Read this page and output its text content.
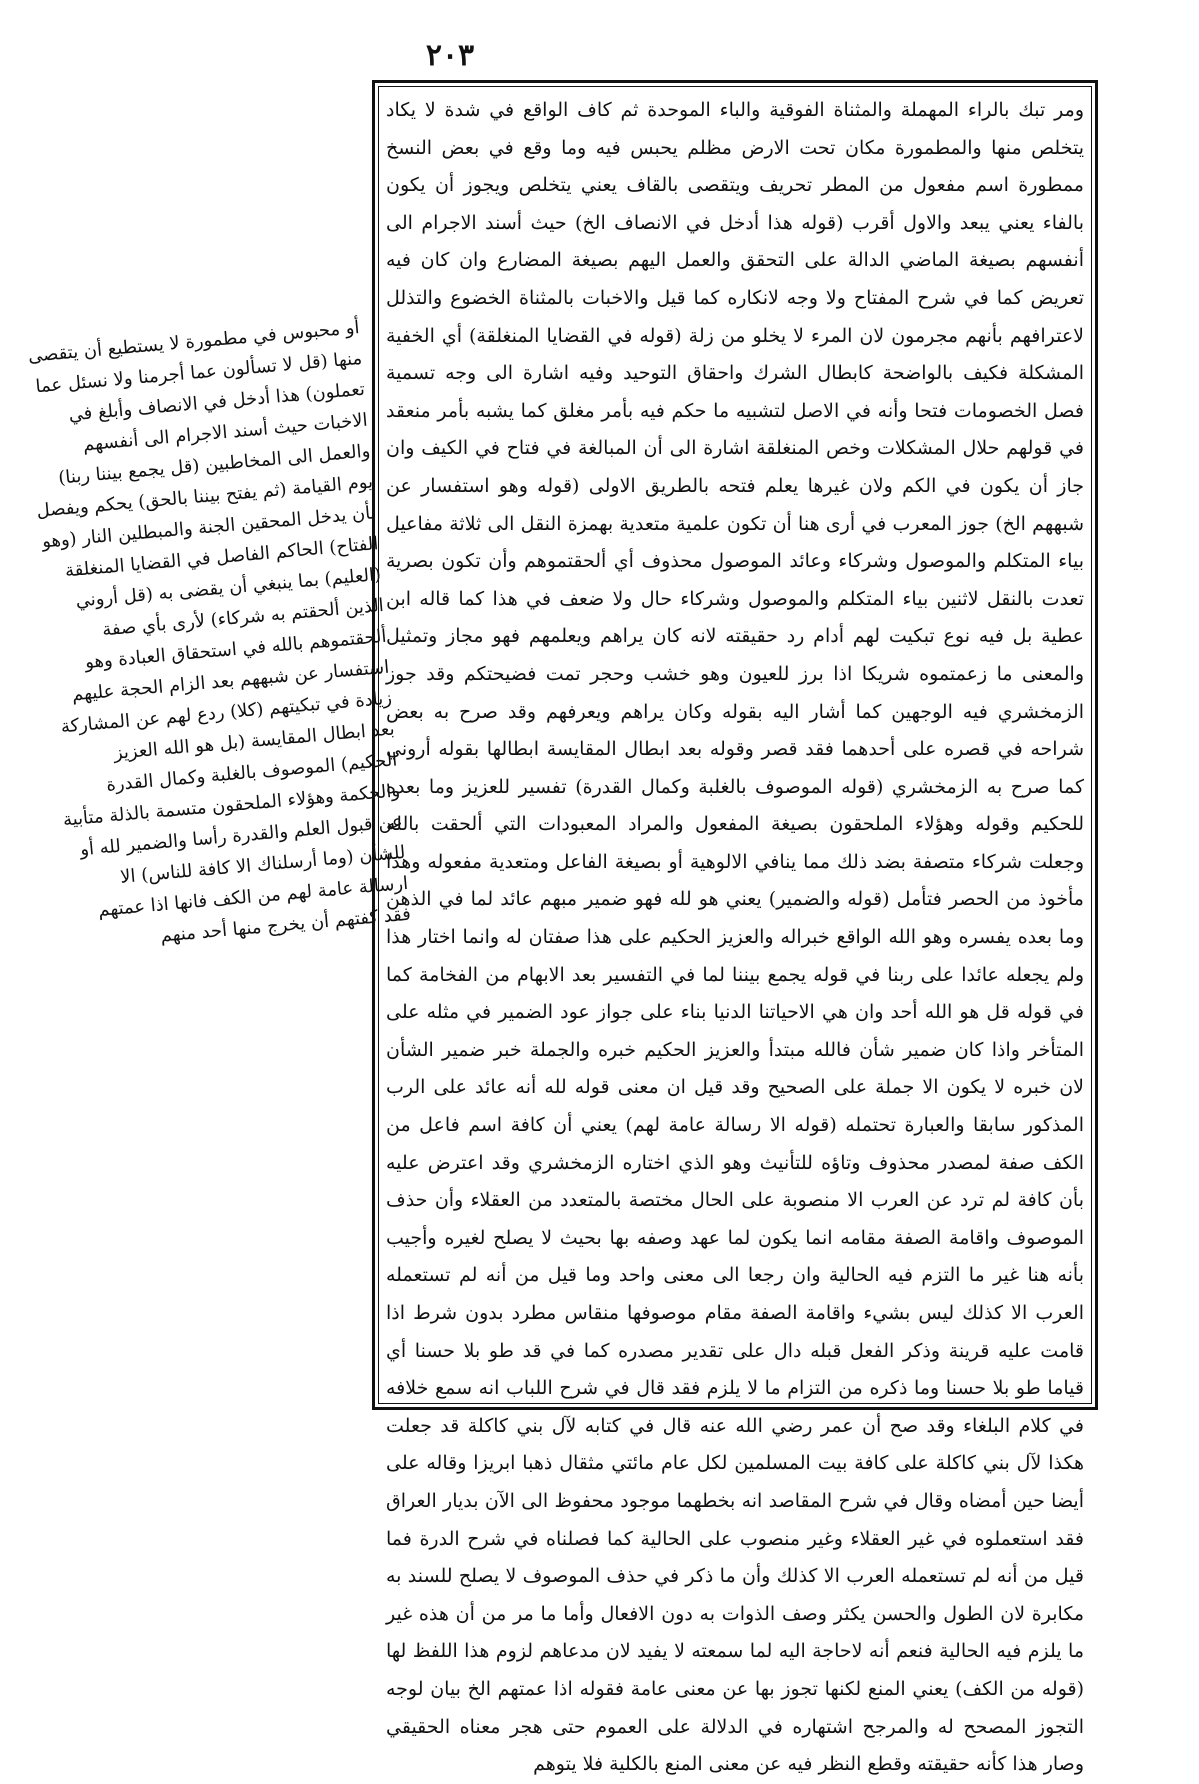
٢٠٣

ومر تبك بالراء المهملة والمثناة الفوقية والباء الموحدة ثم كاف الواقع في شدة لا يكاد يتخلص منها والمطمورة مكان تحت الارض مظلم يحبس فيه وما وقع في بعض النسخ ممطورة اسم مفعول من المطر تحريف ويتقصى بالقاف يعني يتخلص ويجوز أن يكون بالفاء يعني يبعد والاول أقرب (قوله هذا أدخل في الانصاف الخ) حيث أسند الاجرام الى أنفسهم بصيغة الماضي الدالة على التحقق والعمل اليهم بصيغة المضارع وان كان فيه تعريض كما في شرح المفتاح ولا وجه لانكاره كما قيل والاخبات بالمثناة الخضوع والتذلل لاعترافهم بأنهم مجرمون لان المرء لا يخلو من زلة (قوله في القضايا المنغلقة) أي الخفية المشكلة فكيف بالواضحة كابطال الشرك واحقاق التوحيد وفيه اشارة الى وجه تسمية فصل الخصومات فتحا وأنه في الاصل لتشبيه ما حكم فيه بأمر مغلق كما يشبه بأمر منعقد في قولهم حلال المشكلات وخص المنغلقة اشارة الى أن المبالغة في فتاح في الكيف وان جاز أن يكون في الكم ولان غيرها يعلم فتحه بالطريق الاولى (قوله وهو استفسار عن شبههم الخ) جوز المعرب في أرى هنا أن تكون علمية متعدية بهمزة النقل الى ثلاثة مفاعيل بياء المتكلم والموصول وشركاء وعائد الموصول محذوف أي ألحقتموهم وأن تكون بصرية تعدت بالنقل لاثنين بياء المتكلم والموصول وشركاء حال ولا ضعف في هذا كما قاله ابن عطية بل فيه نوع تبكيت لهم أدام رد حقيقته لانه كان يراهم ويعلمهم فهو مجاز وتمثيل والمعنى ما زعمتموه شريكا اذا برز للعيون وهو خشب وحجر تمت فضيحتكم وقد جوز الزمخشري فيه الوجهين كما أشار اليه بقوله وكان يراهم ويعرفهم وقد صرح به بعض شراحه في قصره على أحدهما فقد قصر وقوله بعد ابطال المقايسة ابطالها بقوله أروني كما صرح به الزمخشري (قوله الموصوف بالغلبة وكمال القدرة) تفسير للعزيز وما بعده للحكيم وقوله وهؤلاء الملحقون بصيغة المفعول والمراد المعبودات التي ألحقت بالله وجعلت شركاء متصفة بضد ذلك مما ينافي الالوهية أو بصيغة الفاعل ومتعدية مفعوله وهذا مأخوذ من الحصر فتأمل (قوله والضمير) يعني هو لله فهو ضمير مبهم عائد لما في الذهن وما بعده يفسره وهو الله الواقع خبراله والعزيز الحكيم على هذا صفتان له وانما اختار هذا ولم يجعله عائدا على ربنا في قوله يجمع بيننا لما في التفسير بعد الابهام من الفخامة كما في قوله قل هو الله أحد وان هي الاحياتنا الدنيا بناء على جواز عود الضمير في مثله على المتأخر واذا كان ضمير شأن فالله مبتدأ والعزيز الحكيم خبره والجملة خبر ضمير الشأن لان خبره لا يكون الا جملة على الصحيح وقد قيل ان معنى قوله لله أنه عائد على الرب المذكور سابقا والعبارة تحتمله (قوله الا رسالة عامة لهم) يعني أن كافة اسم فاعل من الكف صفة لمصدر محذوف وتاؤه للتأنيث وهو الذي اختاره الزمخشري وقد اعترض عليه بأن كافة لم ترد عن العرب الا منصوبة على الحال مختصة بالمتعدد من العقلاء وأن حذف الموصوف واقامة الصفة مقامه انما يكون لما عهد وصفه بها بحيث لا يصلح لغيره وأجيب بأنه هنا غير ما التزم فيه الحالية وان رجعا الى معنى واحد وما قيل من أنه لم تستعمله العرب الا كذلك ليس بشيء واقامة الصفة مقام موصوفها منقاس مطرد بدون شرط اذا قامت عليه قرينة وذكر الفعل قبله دال على تقدير مصدره كما في قد طو بلا حسنا أي قياما طو بلا حسنا وما ذكره من التزام ما لا يلزم فقد قال في شرح اللباب انه سمع خلافه في كلام البلغاء وقد صح أن عمر رضي الله عنه قال في كتابه لآل بني كاكلة قد جعلت هكذا لآل بني كاكلة على كافة بيت المسلمين لكل عام مائتي مثقال ذهبا ابريزا وقاله على أيضا حين أمضاه وقال في شرح المقاصد انه بخطهما موجود محفوظ الى الآن بديار العراق فقد استعملوه في غير العقلاء وغير منصوب على الحالية كما فصلناه في شرح الدرة فما قيل من أنه لم تستعمله العرب الا كذلك وأن ما ذكر في حذف الموصوف لا يصلح للسند به مكابرة لان الطول والحسن يكثر وصف الذوات به دون الافعال وأما ما مر من أن هذه غير ما يلزم فيه الحالية فنعم أنه لاحاجة اليه لما سمعته لا يفيد لان مدعاهم لزوم هذا اللفظ لها (قوله من الكف) يعني المنع لكنها تجوز بها عن معنى عامة فقوله اذا عمتهم الخ بيان لوجه التجوز المصحح له والمرجح اشتهاره في الدلالة على العموم حتى هجر معناه الحقيقي وصار هذا كأنه حقيقته وقطع النظر فيه عن معنى المنع بالكلية فلا يتوهم

أو محبوس في مطمورة لا يستطيع أن يتقصى منها (قل لا تسألون عما أجرمنا ولا نسئل عما تعملون) هذا أدخل في الانصاف وأبلغ في الاخبات حيث أسند الاجرام الى أنفسهم والعمل الى المخاطبين (قل يجمع بيننا ربنا) يوم القيامة (ثم يفتح بيننا بالحق) يحكم ويفصل بأن يدخل المحقين الجنة والمبطلين النار (وهو الفتاح) الحاكم الفاصل في القضايا المنغلقة (العليم) بما ينبغي أن يقضى به (قل أروني الذين ألحقتم به شركاء) لأرى بأي صفة ألحقتموهم بالله في استحقاق العبادة وهو استفسار عن شبههم بعد الزام الحجة عليهم زيادة في تبكيتهم (كلا) ردع لهم عن المشاركة بعد ابطال المقايسة (بل هو الله العزيز الحكيم) الموصوف بالغلبة وكمال القدرة والحكمة وهؤلاء الملحقون متسمة بالذلة متأبية عن قبول العلم والقدرة رأسا والضمير لله أو للشأن (وما أرسلناك الا كافة للناس) الا ارسالة عامة لهم من الكف فانها اذا عمتهم فقد كفتهم أن يخرج منها أحد منهم
